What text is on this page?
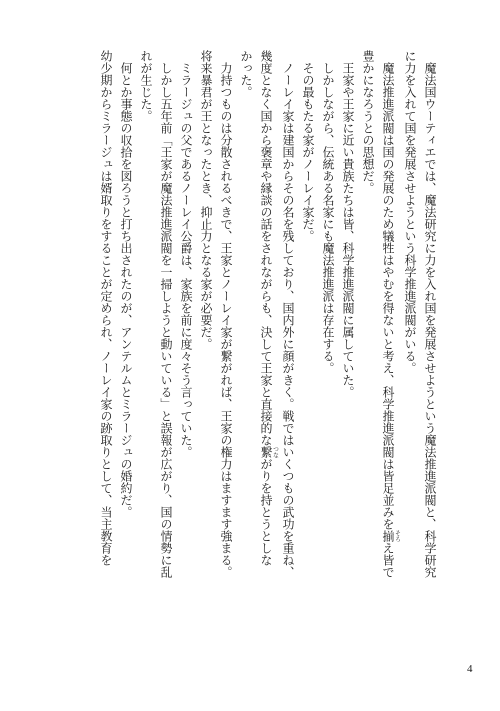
魔法国ウーティエでは、魔法研究に力を入れ国を発展させようという魔法推進派閥と、科学研究

に力を入れて国を発展させようという科学推進派閥がいる。

魔法推進派閥は国の発展のため犠牲はやむを得ないと考え、科学推進派閥は皆足並みを揃そろえ皆で

豊かになろうとの思想だ。

王家や王家に近い貴族たちは皆、科学推進派閥に属していた。

しかしながら、伝統ある名家にも魔法推進派は存在する。

その最もたる家がノーレイ家だ。

ノーレイ家は建国からその名を残しており、国内外に顔がきく。戦ではいくつもの武功を重ね、

幾度となく国から褒章や縁談の話をされながらも、決して王家と直接的な繋つながりを持とうとしな

かった。

力持つものは分散されるべきで、王家とノーレイ家が繋がれば、王家の権力はますます強まる。

将来暴君が王となったとき、抑止力となる家が必要だ。

ミラージュの父であるノーレイ公爵は、家族を前に度々そう言っていた。

しかし五年前「王家が魔法推進派閥を一掃しようと動いている」と誤報が広がり、国の情勢に乱

れが生じた。

何とか事態の収拾を図ろうと打ち出されたのが、アンテルムとミラージュの婚約だ。

幼少期からミラージュは婿取りをすることが定められ、ノーレイ家の跡取りとして、当主教育を

4
